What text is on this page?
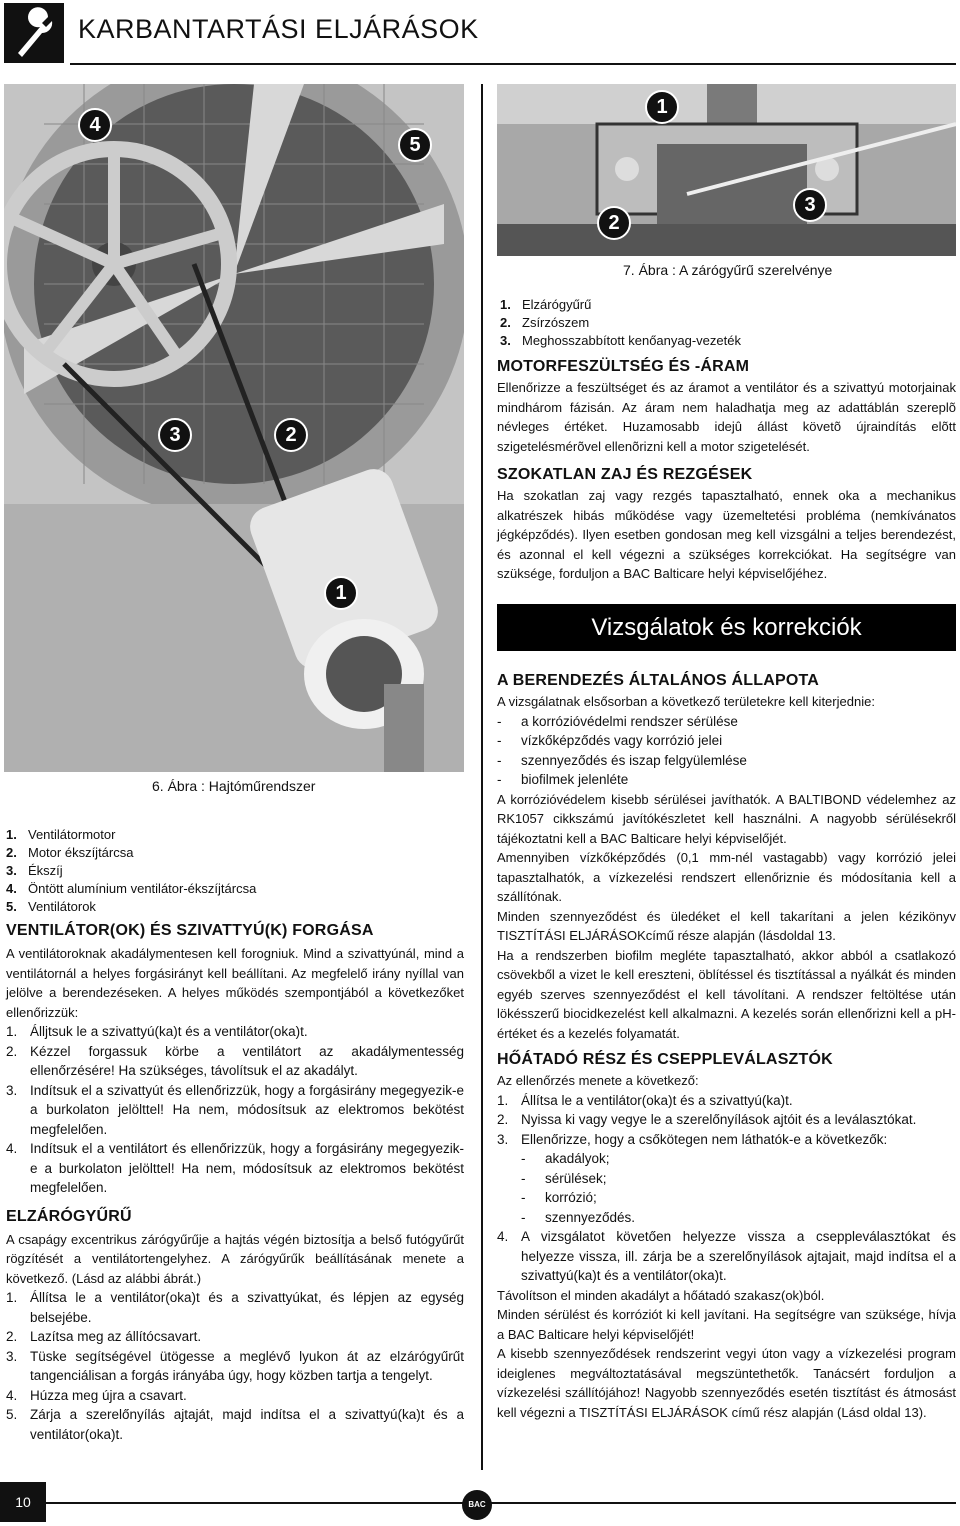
KARBANTARTÁSI ELJÁRÁSOK
4
5
3	2
1
6. Ábra : Hajtóműrendszer
1. Ventilátormotor
2. Motor ékszíjtárcsa
3. Ékszíj
4. Öntött alumínium ventilátor-ékszíjtárcsa
5. Ventilátorok
VENTILÁTOR(OK) ÉS SZIVATTYÚ(K) FORGÁSA

A ventilátoroknak akadálymentesen kell forogniuk. Mind a szivattyúnál, mind a ventilátornál a helyes forgásirányt kell beállítani. Az megfelelő irány nyíllal van jelölve a berendezéseken. A helyes működés szempontjából a következőket ellenőrizzük:

1. Álljtsuk le a szivattyú(ka)t és a ventilátor(oka)t.
2. Kézzel forgassuk körbe a ventilátort az akadálymentesség ellenőrzésére! Ha szükséges, távolítsuk el az akadályt.
3. Indítsuk el a szivattyút és ellenőrizzük, hogy a forgásirány megegyezik-e a burkolaton jelölttel! Ha nem, módosítsuk az elektromos bekötést megfelelően.
4. Indítsuk el a ventilátort és ellenőrizzük, hogy a forgásirány megegyezik-e a burkolaton jelölttel! Ha nem, módosítsuk az elektromos bekötést megfelelően.
ELZÁRÓGYŰRŰ

A csapágy excentrikus zárógyűrűje a hajtás végén biztosítja a belső futógyűrűt rögzítését a ventilátortengelyhez. A zárógyűrűk beállításának menete a következő. (Lásd az alábbi ábrát.)

1. Állítsa le a ventilátor(oka)t és a szivattyúkat, és lépjen az egység belsejébe.
2. Lazítsa meg az állítócsavart.
3. Tüske segítségével ütögesse a meglévő lyukon át az elzárógyűrűt tangenciálisan a forgás irányába úgy, hogy közben tartja a tengelyt.
4. Húzza meg újra a csavart.
5. Zárja a szerelőnyílás ajtaját, majd indítsa el a szivattyú(ka)t és a ventilátor(oka)t.
1
2
3
7. Ábra : A zárógyűrű szerelvénye
1. Elzárógyűrű
2. Zsírzószem
3. Meghosszabbított kenőanyag-vezeték
MOTORFESZÜLTSÉG ÉS -ÁRAM

Ellenőrizze a feszültséget és az áramot a ventilátor és a szivattyú motorjainak mindhárom fázisán. Az áram nem haladhatja meg az adattáblán szereplõ névleges értéket. Huzamosabb idejû állást követõ újraindítás elõtt szigetelésmérõvel ellenõrizni kell a motor szigetelését.

SZOKATLAN ZAJ ÉS REZGÉSEK

Ha szokatlan zaj vagy rezgés tapasztalható, ennek oka a mechanikus alkatrészek hibás működése vagy üzemeltetési probléma (nemkívánatos jégképződés). Ilyen esetben gondosan meg kell vizsgálni a teljes berendezést, és azonnal el kell végezni a szükséges korrekciókat. Ha segítségre van szüksége, forduljon a BAC Balticare helyi képviselőjéhez.

Vizsgálatok és korrekciók
A BERENDEZÉS ÁLTALÁNOS ÁLLAPOTA

A vizsgálatnak elsősorban a következő területekre kell kiterjednie:

- a korrózióvédelmi rendszer sérülése
- vízkőképződés vagy korrózió jelei
- szennyeződés és iszap felgyülemlése
- biofilmek jelenléte

A korrózióvédelem kisebb sérülései javíthatók. A BALTIBOND védelemhez az RK1057 cikkszámú javítókészletet kell használni. A nagyobb sérülésekről tájékoztatni kell a BAC Balticare helyi képviselőjét.

Amennyiben vízkőképződés (0,1 mm-nél vastagabb) vagy korrózió jelei tapasztalhatók, a vízkezelési rendszert ellenőriznie és módosítania kell a szállítónak.

Minden szennyeződést és üledéket el kell takarítani a jelen kézikönyv TISZTÍTÁSI ELJÁRÁSOKcímű része alapján (lásdoldal 13.

Ha a rendszerben biofilm megléte tapasztalható, akkor abból a csatlakozó csövekből a vizet le kell ereszteni, öblítéssel és tisztítással a nyálkát és minden egyéb szerves szennyeződést el kell távolítani. A rendszer feltöltése után lökésszerű biocidkezelést kell alkalmazni. A kezelés során ellenőrizni kell a pH-értéket és a kezelés folyamatát.

HŐÁTADÓ RÉSZ ÉS CSEPPLEVÁLASZTÓK

Az ellenőrzés menete a következő:

1. Állítsa le a ventilátor(oka)t és a szivattyú(ka)t.
2. Nyissa ki vagy vegye le a szerelőnyílások ajtóit és a leválasztókat.
3. Ellenőrizze, hogy a csőkötegen nem láthatók-e a következők:
- akadályok;
- sérülések;
- korrózió;
- szennyeződés.
4. A vizsgálatot követően helyezze vissza a cseppleválasztókat és helyezze vissza, ill. zárja be a szerelőnyílások ajtajait, majd indítsa el a szivattyú(ka)t és a ventilátor(oka)t.

Távolítson el minden akadályt a hőátadó szakasz(ok)ból.

Minden sérülést és korróziót ki kell javítani. Ha segítségre van szüksége, hívja a BAC Balticare helyi képviselőjét!

A kisebb szennyeződések rendszerint vegyi úton vagy a vízkezelési program ideiglenes megváltoztatásával megszüntethetők. Tanácsért forduljon a vízkezelési szállítójához! Nagyobb szennyeződés esetén tisztítást és átmosást kell végezni a TISZTÍTÁSI ELJÁRÁSOK című rész alapján (Lásd oldal 13).

10	BAC
